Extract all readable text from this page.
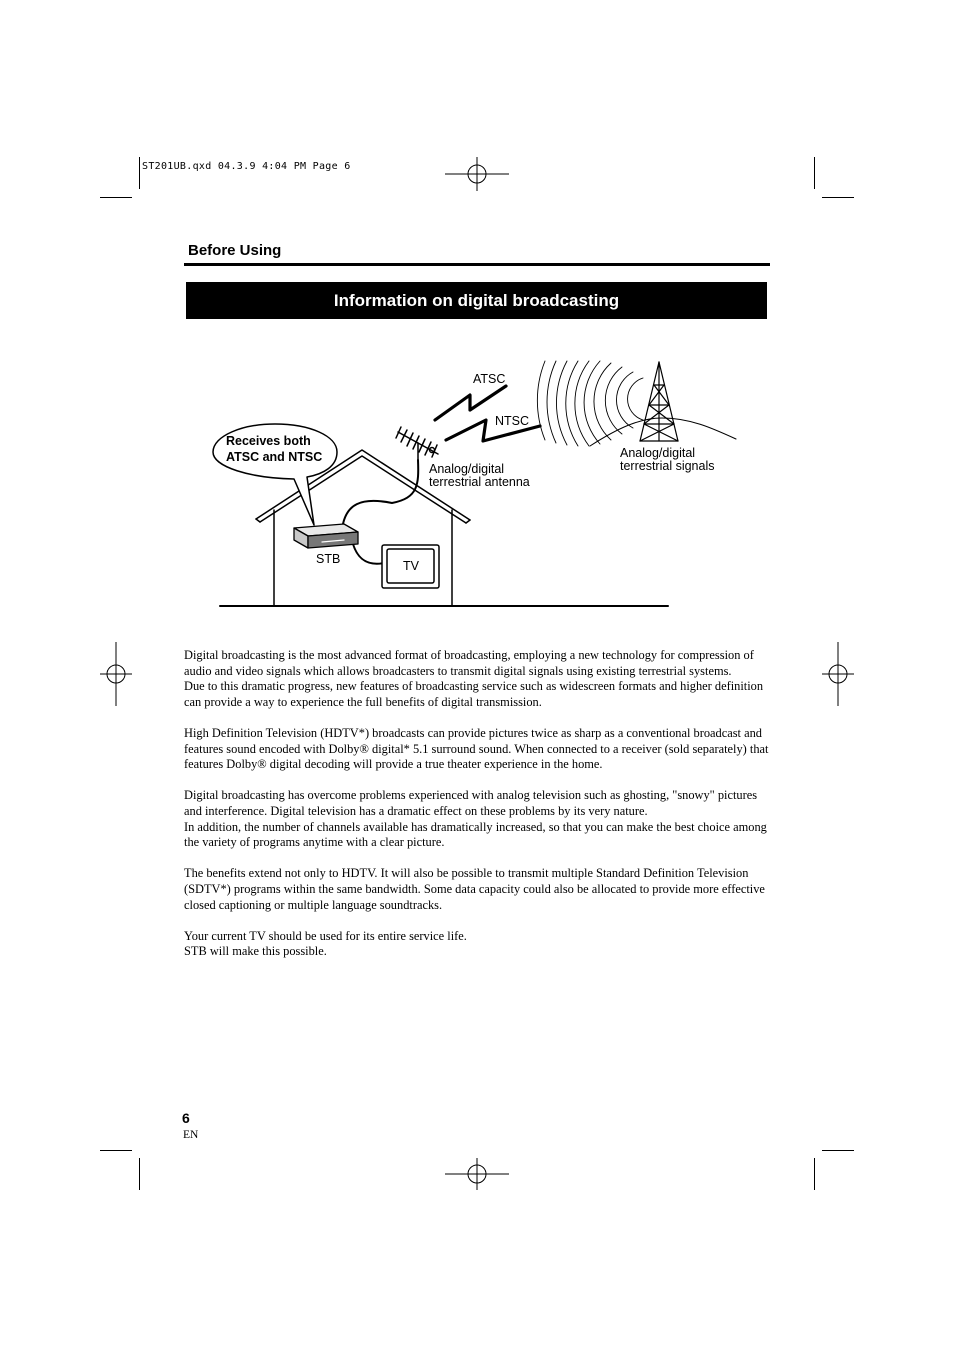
ST201UB.qxd 04.3.9 4:04 PM Page 6
Before Using
Information on digital broadcasting
Receives both
ATSC and NTSC
ATSC
NTSC
Analog/digital
terrestrial antenna
Analog/digital
terrestrial signals
STB	TV

Digital broadcasting is the most advanced format of broadcasting, employing a new technology for compression of audio and video signals which allows broadcasters to transmit digital signals using existing terrestrial systems.
Due to this dramatic progress, new features of broadcasting service such as widescreen formats and higher definition can provide a way to experience the full benefits of digital transmission.

High Definition Television (HDTV*) broadcasts can provide pictures twice as sharp as a conventional broadcast and features sound encoded with Dolby® digital* 5.1 surround sound. When connected to a receiver (sold separately) that features Dolby® digital decoding will provide a true theater experience in the home.

Digital broadcasting has overcome problems experienced with analog television such as ghosting, "snowy" pictures and interference. Digital television has a dramatic effect on these problems by its very nature.
In addition, the number of channels available has dramatically increased, so that you can make the best choice among the variety of programs anytime with a clear picture.

The benefits extend not only to HDTV. It will also be possible to transmit multiple Standard Definition Television (SDTV*) programs within the same bandwidth. Some data capacity could also be allocated to provide more effective closed captioning or multiple language soundtracks.

Your current TV should be used for its entire service life.
STB will make this possible.

6
EN
